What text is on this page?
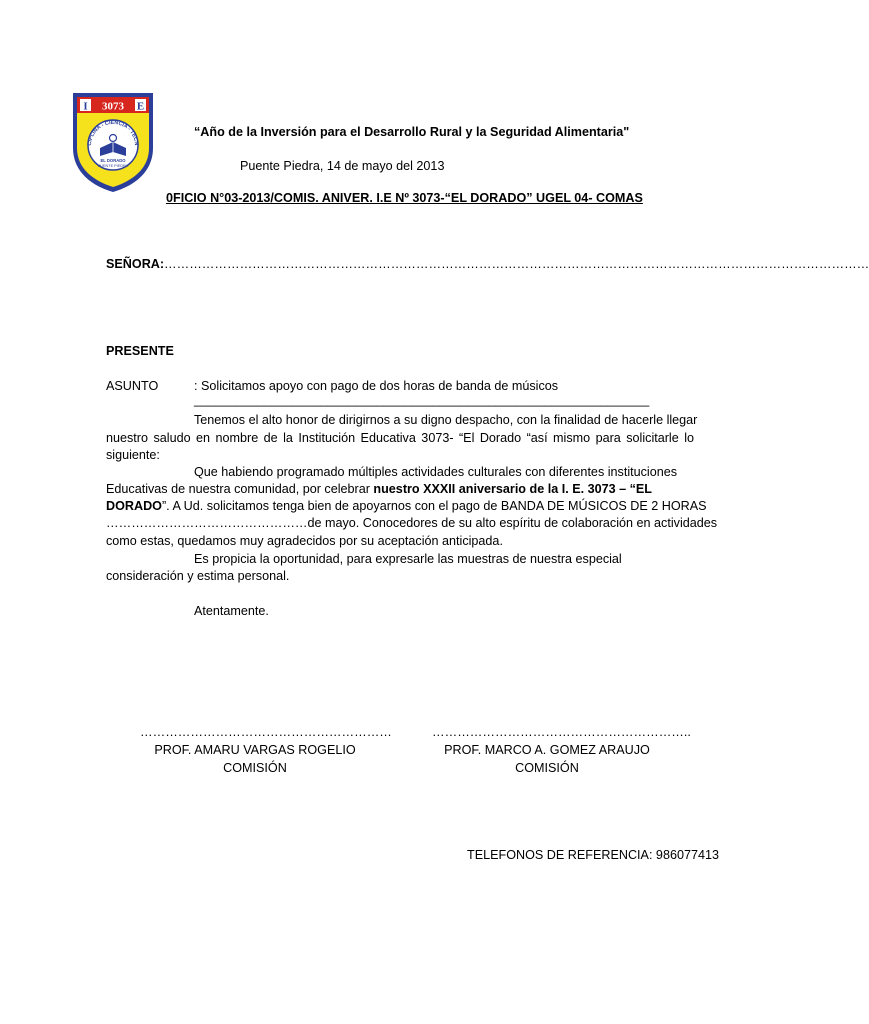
I 3073 E
CIPLINA - CIENCIA - TECN
EL DORADO
PUENTE PIEDRA
“Año de la Inversión para el Desarrollo Rural y la Seguridad Alimentaria"
Puente Piedra, 14 de mayo del 2013
0FICIO N°03-2013/COMIS. ANIVER. I.E Nº 3073-“EL DORADO” UGEL 04- COMAS
SEÑORA: ……………………………………………………………………………………………………………………………………………………
PRESENTE
ASUNTO	: Solicitamos apoyo con pago de dos horas de banda de músicos
_________________________________________________________________
Tenemos el alto honor de dirigirnos a su digno despacho, con la finalidad de hacerle llegar
nuestro saludo en nombre de la Institución Educativa 3073- “El Dorado “así mismo para solicitarle lo
siguiente:
Que habiendo programado múltiples actividades culturales con diferentes instituciones
Educativas de nuestra comunidad, por celebrar nuestro XXXII aniversario de la I. E. 3073 – “EL
DORADO”. A Ud. solicitamos tenga bien de apoyarnos con el pago de BANDA DE MÚSICOS DE 2 HORAS
…………………………………………de mayo. Conocedores de su alto espíritu de colaboración en actividades
como estas, quedamos muy agradecidos por su aceptación anticipada.
Es propicia la oportunidad, para expresarle las muestras de nuestra especial
consideración y estima personal.
Atentamente.
……………………………………………………
PROF. AMARU VARGAS ROGELIO
COMISIÓN
……………………………………………………..
PROF. MARCO A. GOMEZ ARAUJO
COMISIÓN
TELEFONOS DE REFERENCIA: 986077413
